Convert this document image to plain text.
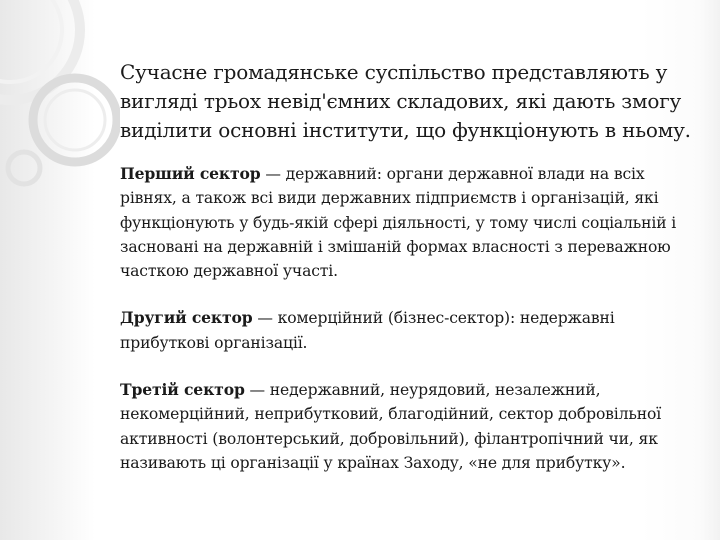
Сучасне громадянське суспільство представляють у вигляді трьох невід'ємних складових, які дають змогу виділити основні інститути, що функціонують в ньому.

Перший сектор — державний: органи державної влади на всіх рівнях, а також всі види державних підприємств і організацій, які функціонують у будь-якій сфері діяльності, у тому числі соціальній і засновані на державній і змішаній формах власності з переважною часткою державної участі.

Другий сектор — комерційний (бізнес-сектор): недержавні прибуткові організації.

Третій сектор — недержавний, неурядовий, незалежний, некомерційний, неприбутковий, благодійний, сектор добровільної активності (волонтерський, добровільний), філантропічний чи, як називають ці організації у країнах Заходу, «не для прибутку».
